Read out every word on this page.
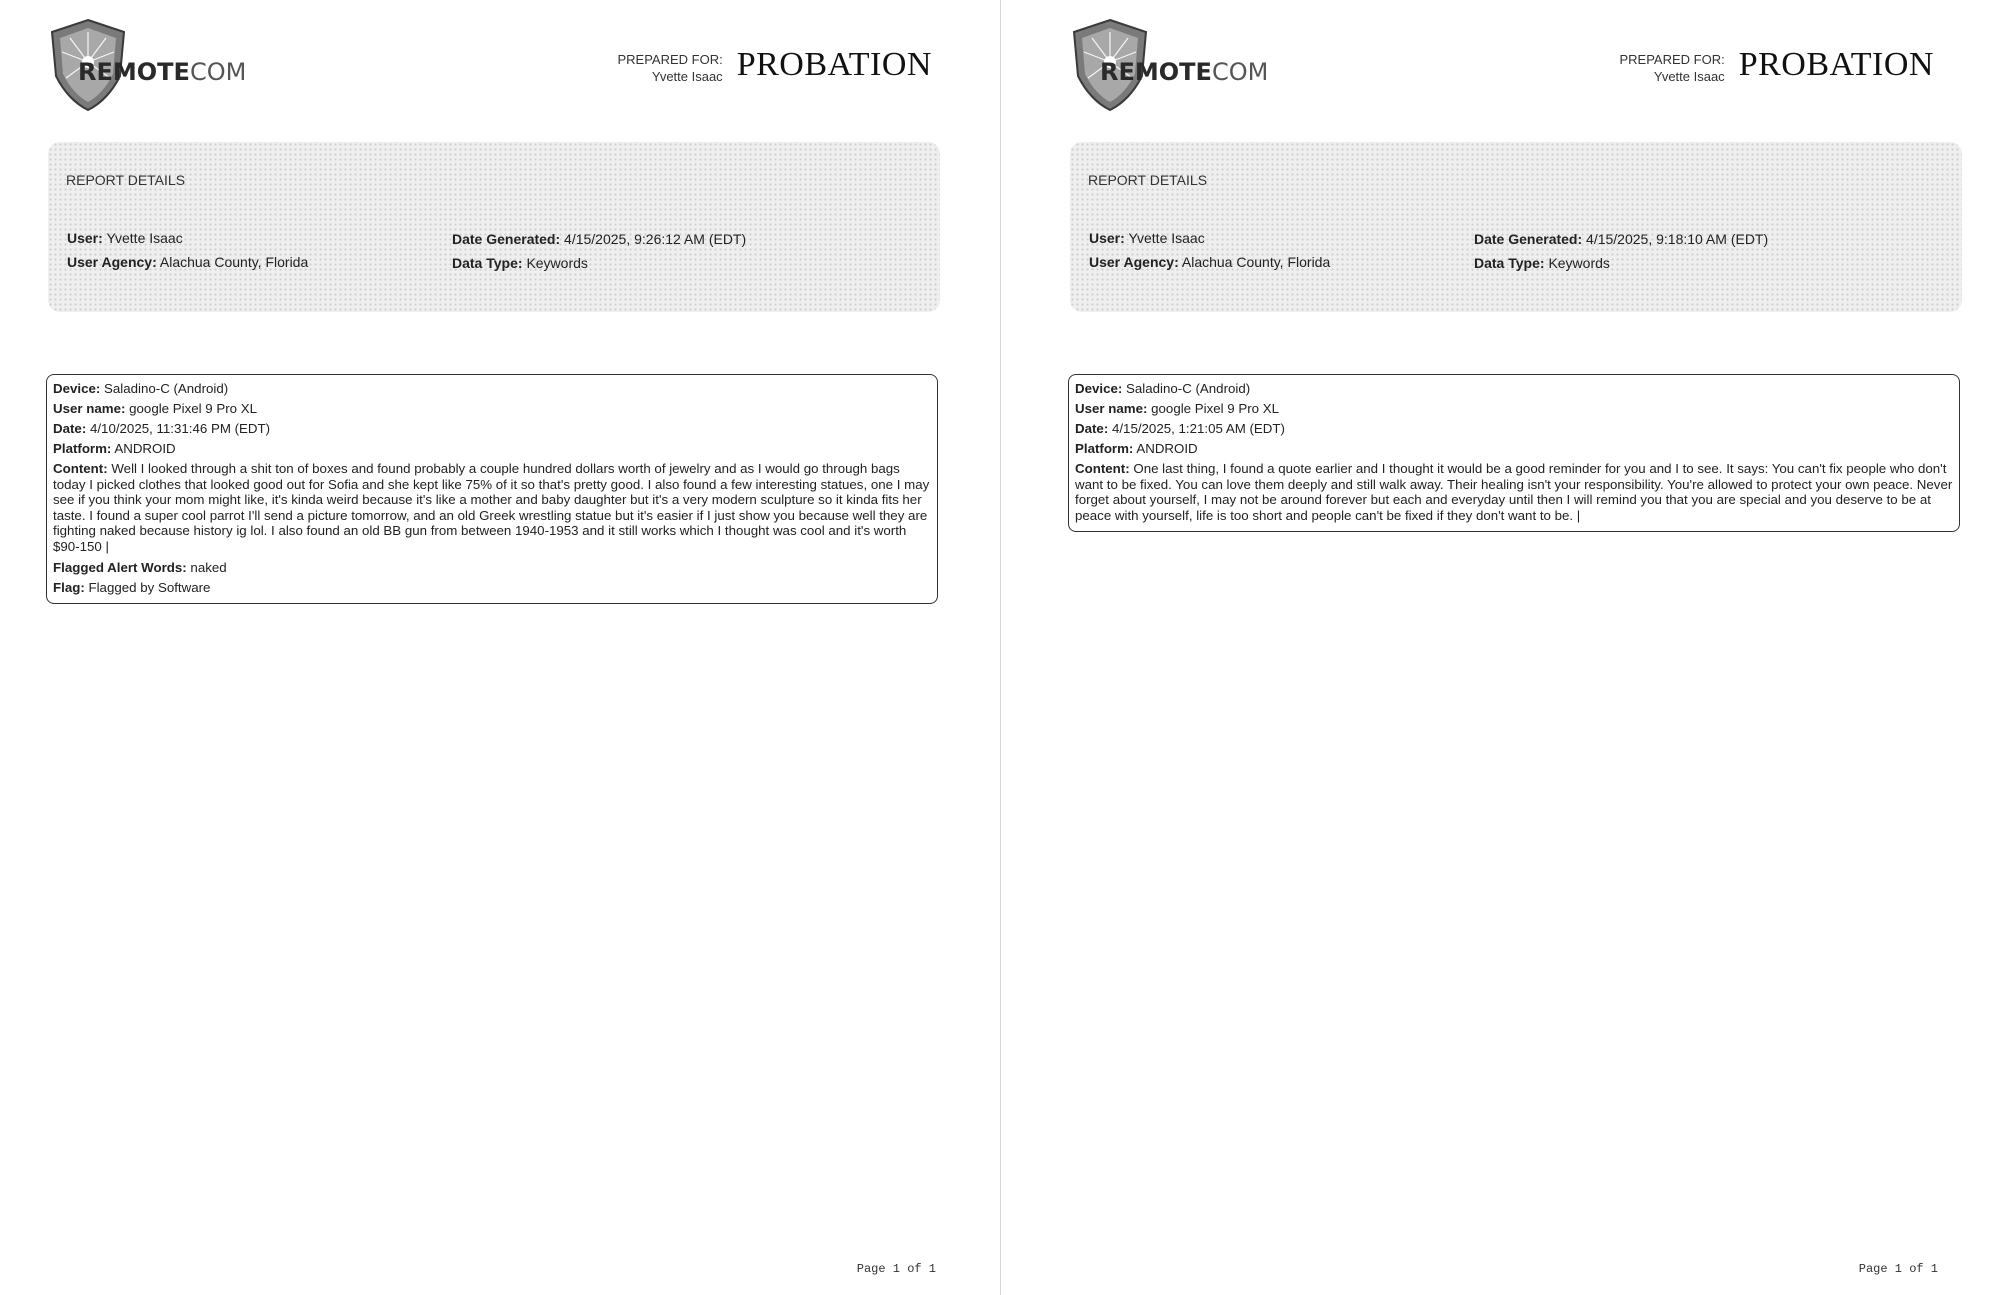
REMOTECOM	PREPARED FOR:
Yvette Isaac PROBATION
REPORT DETAILS
User: Yvette Isaac
User Agency: Alachua County, Florida
Date Generated: 4/15/2025, 9:26:12 AM (EDT)
Data Type: Keywords
Device: Saladino-C (Android)
User name: google Pixel 9 Pro XL
Date: 4/10/2025, 11:31:46 PM (EDT)
Platform: ANDROID
Content: Well I looked through a shit ton of boxes and found probably a couple hundred dollars worth of jewelry and as I would go through bags today I picked clothes that looked good out for Sofia and she kept like 75% of it so that's pretty good. I also found a few interesting statues, one I may see if you think your mom might like, it's kinda weird because it's like a mother and baby daughter but it's a very modern sculpture so it kinda fits her taste. I found a super cool parrot I'll send a picture tomorrow, and an old Greek wrestling statue but it's easier if I just show you because well they are fighting naked because history ig lol. I also found an old BB gun from between 1940-1953 and it still works which I thought was cool and it's worth $90-150 |
Flagged Alert Words: naked
Flag: Flagged by Software
Page 1 of 1
REMOTECOM	PREPARED FOR:
Yvette Isaac PROBATION
REPORT DETAILS
User: Yvette Isaac
User Agency: Alachua County, Florida
Date Generated: 4/15/2025, 9:18:10 AM (EDT)
Data Type: Keywords
Device: Saladino-C (Android)
User name: google Pixel 9 Pro XL
Date: 4/15/2025, 1:21:05 AM (EDT)
Platform: ANDROID
Content: One last thing, I found a quote earlier and I thought it would be a good reminder for you and I to see. It says: You can't fix people who don't want to be fixed. You can love them deeply and still walk away. Their healing isn't your responsibility. You're allowed to protect your own peace. Never forget about yourself, I may not be around forever but each and everyday until then I will remind you that you are special and you deserve to be at peace with yourself, life is too short and people can't be fixed if they don't want to be. |
Page 1 of 1
